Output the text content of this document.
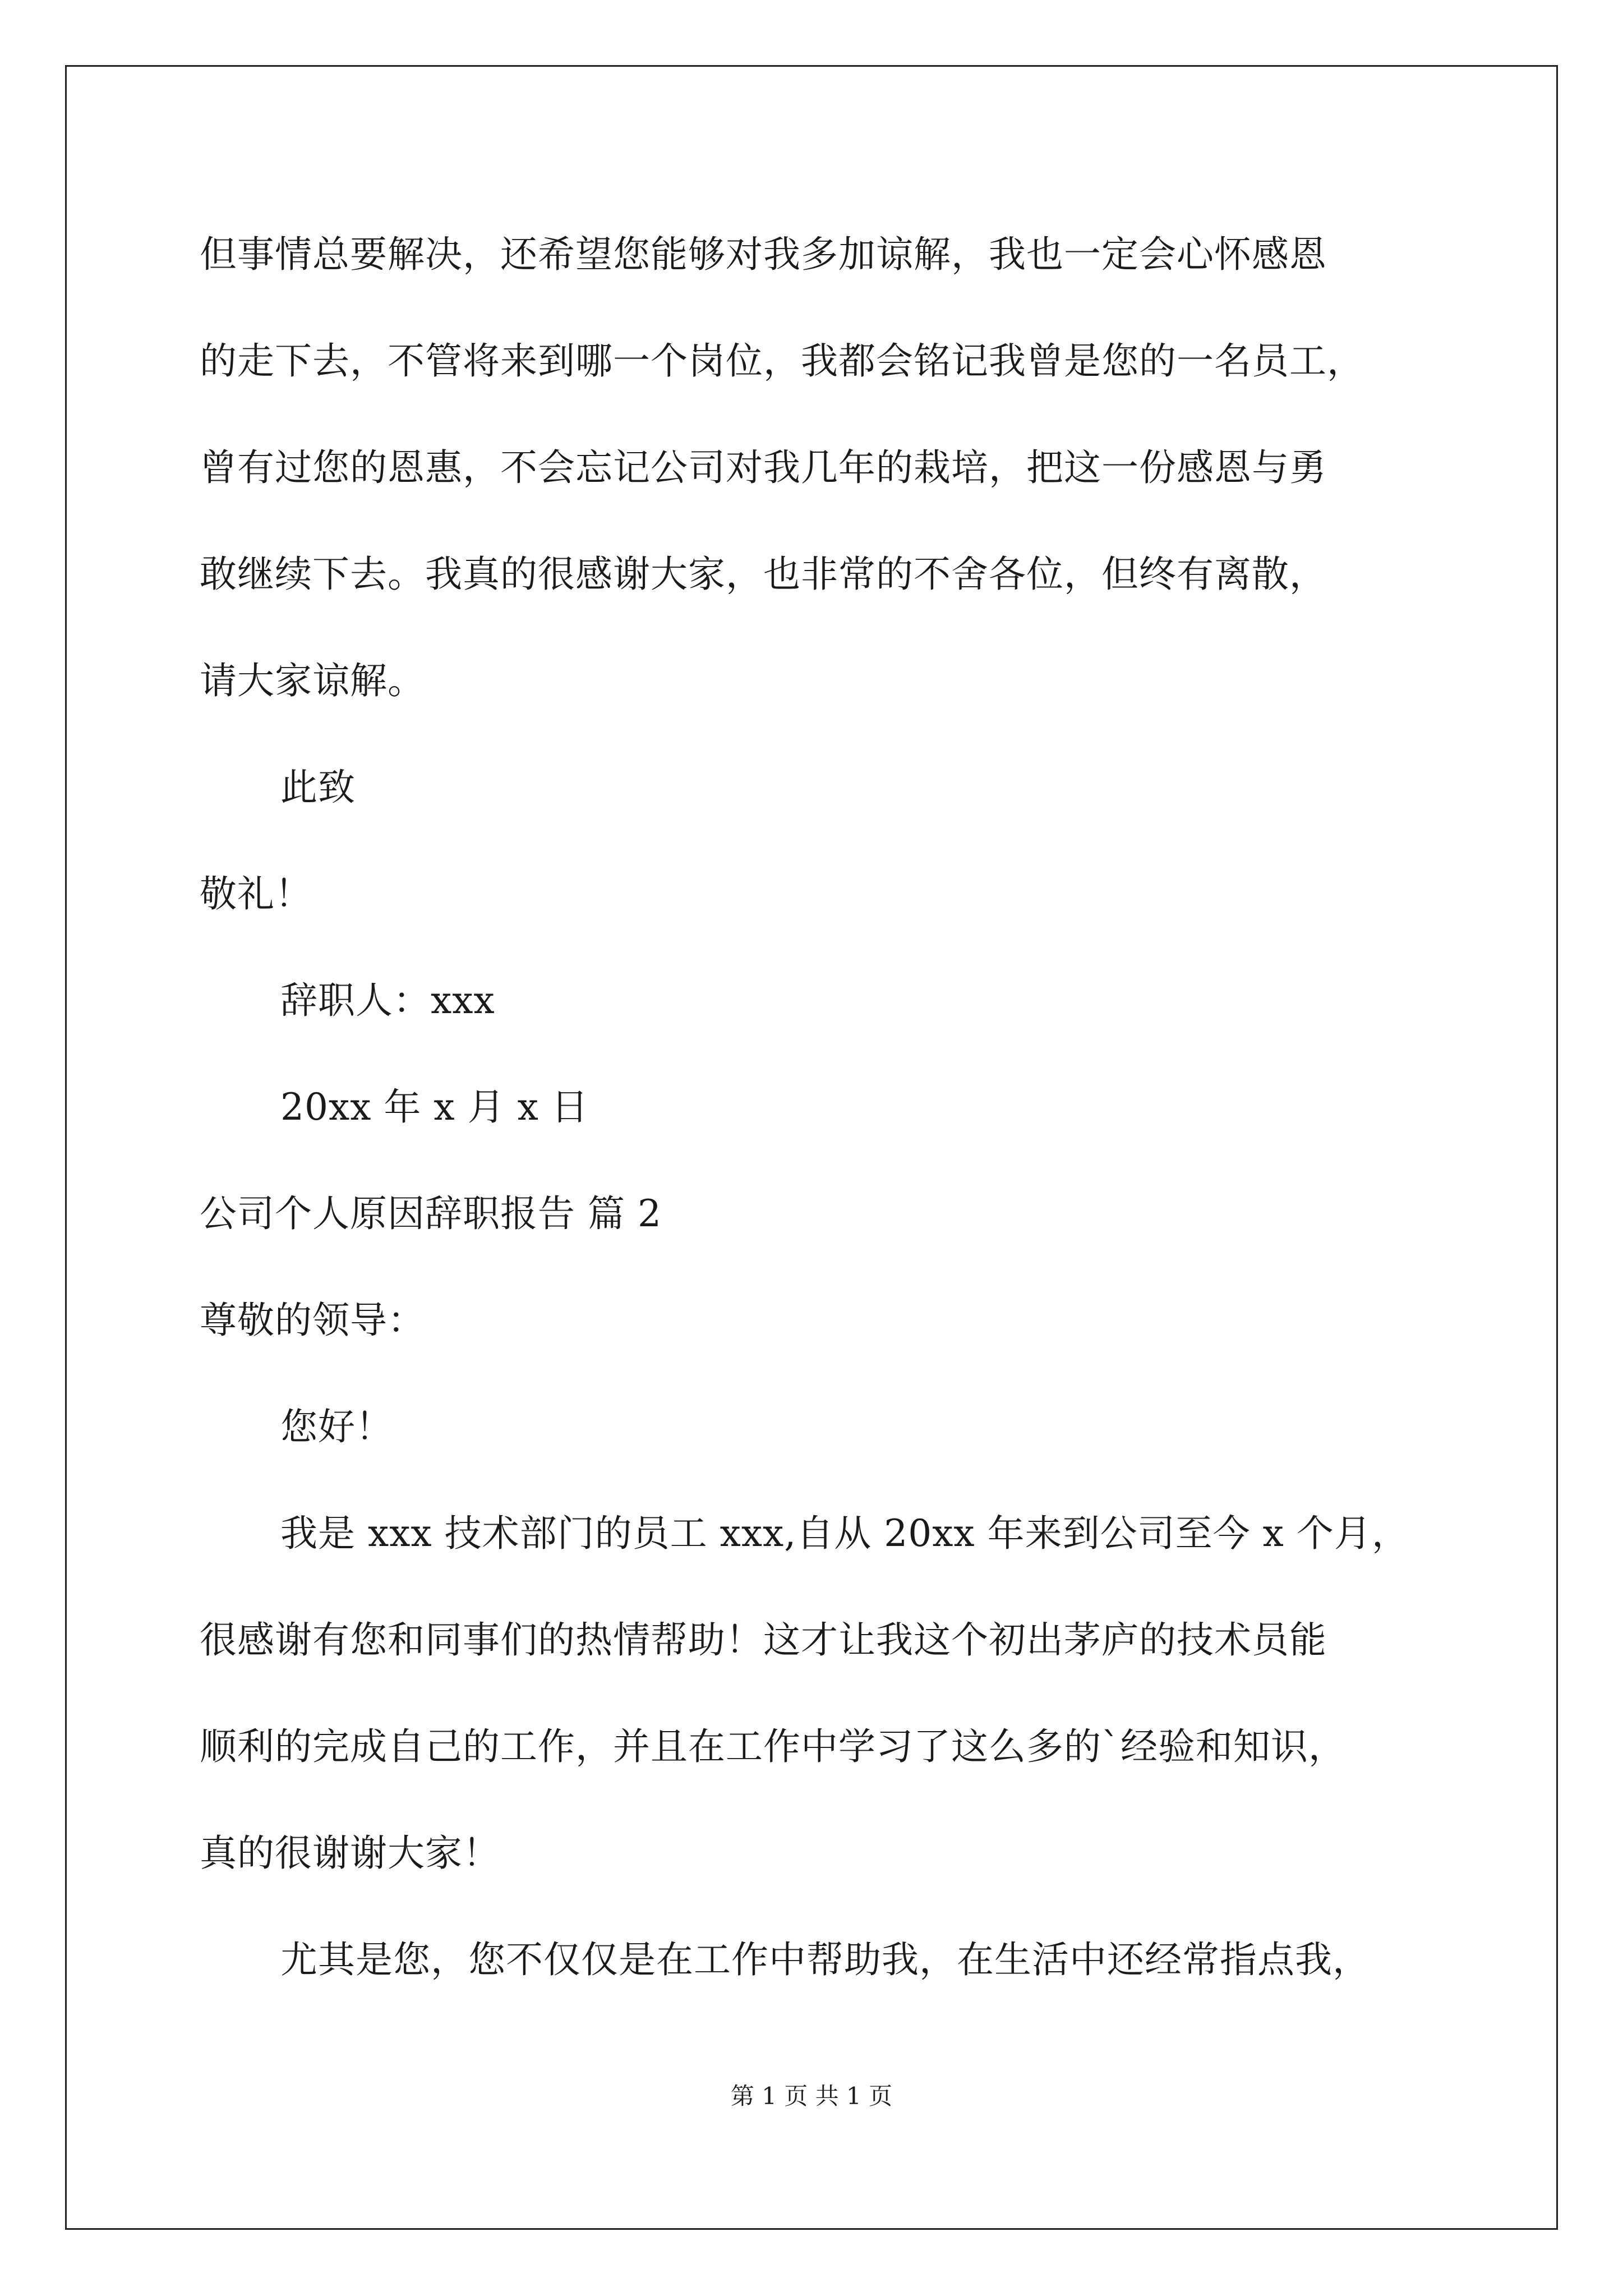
但事情总要解决，还希望您能够对我多加谅解，我也一定会心怀感恩
的走下去，不管将来到哪一个岗位，我都会铭记我曾是您的一名员工，
曾有过您的恩惠，不会忘记公司对我几年的栽培，把这一份感恩与勇
敢继续下去。我真的很感谢大家，也非常的不舍各位，但终有离散，
请大家谅解。
此致
敬礼！
辞职人：xxx
20xx 年 x 月 x 日
公司个人原因辞职报告 篇 2
尊敬的领导：
您好！
我是 xxx 技术部门的员工 xxx,自从 20xx 年来到公司至今 x 个月，
很感谢有您和同事们的热情帮助！这才让我这个初出茅庐的技术员能
顺利的完成自己的工作，并且在工作中学习了这么多的`经验和知识，
真的很谢谢大家！
尤其是您，您不仅仅是在工作中帮助我，在生活中还经常指点我，
第 1 页 共 1 页
